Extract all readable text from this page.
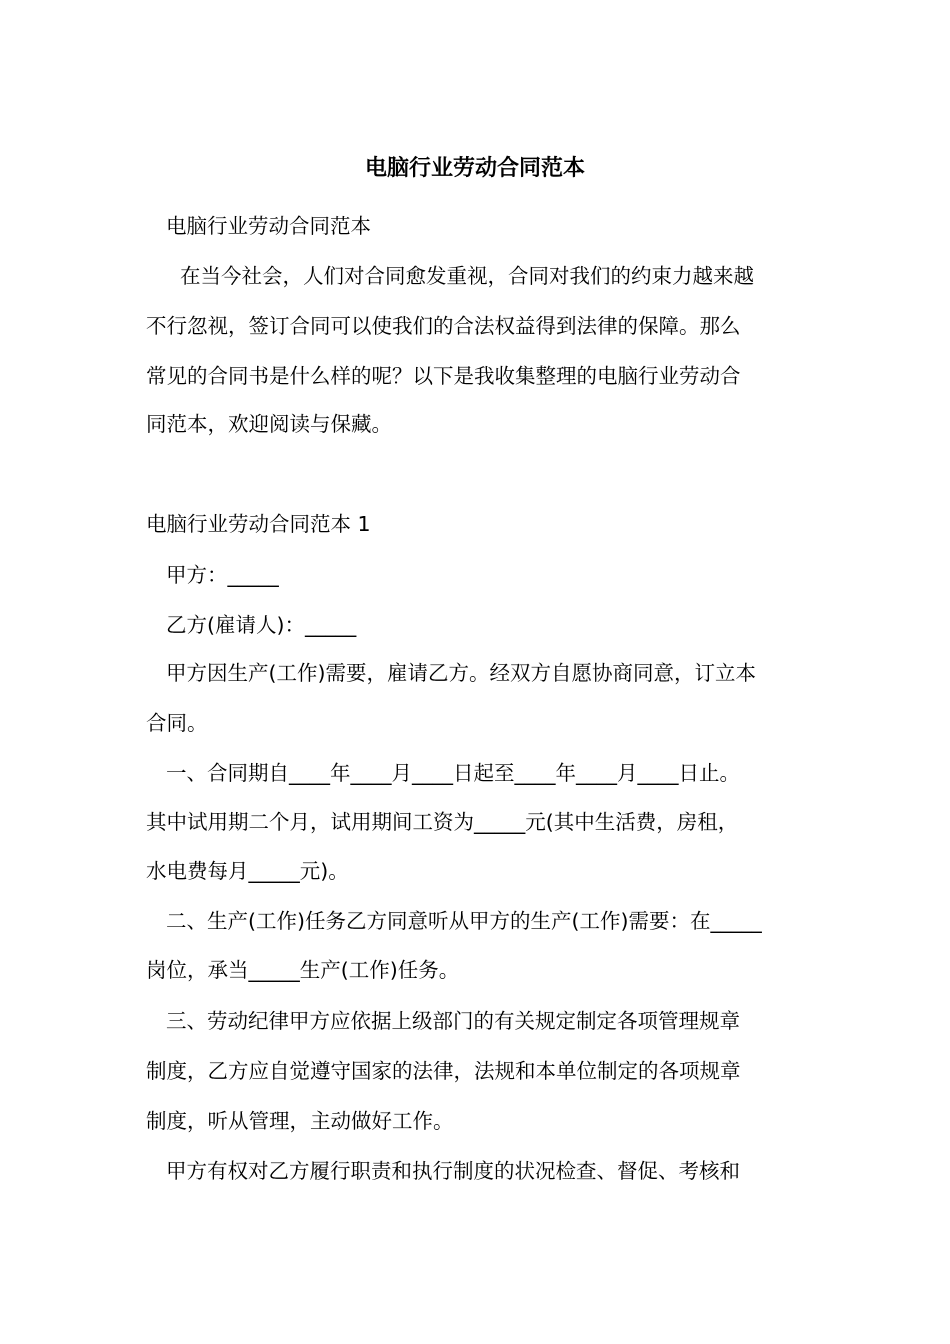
电脑行业劳动合同范本
电脑行业劳动合同范本
在当今社会，人们对合同愈发重视，合同对我们的约束力越来越
不行忽视，签订合同可以使我们的合法权益得到法律的保障。那么
常见的合同书是什么样的呢？以下是我收集整理的电脑行业劳动合
同范本，欢迎阅读与保藏。
电脑行业劳动合同范本 1
甲方：_____
乙方(雇请人)：_____
甲方因生产(工作)需要，雇请乙方。经双方自愿协商同意，订立本
合同。
一、合同期自____年____月____日起至____年____月____日止。
其中试用期二个月，试用期间工资为_____元(其中生活费，房租，
水电费每月_____元)。
二、生产(工作)任务乙方同意听从甲方的生产(工作)需要：在_____
岗位，承当_____生产(工作)任务。
三、劳动纪律甲方应依据上级部门的有关规定制定各项管理规章
制度，乙方应自觉遵守国家的法律，法规和本单位制定的各项规章
制度，听从管理，主动做好工作。
甲方有权对乙方履行职责和执行制度的状况检查、督促、考核和
